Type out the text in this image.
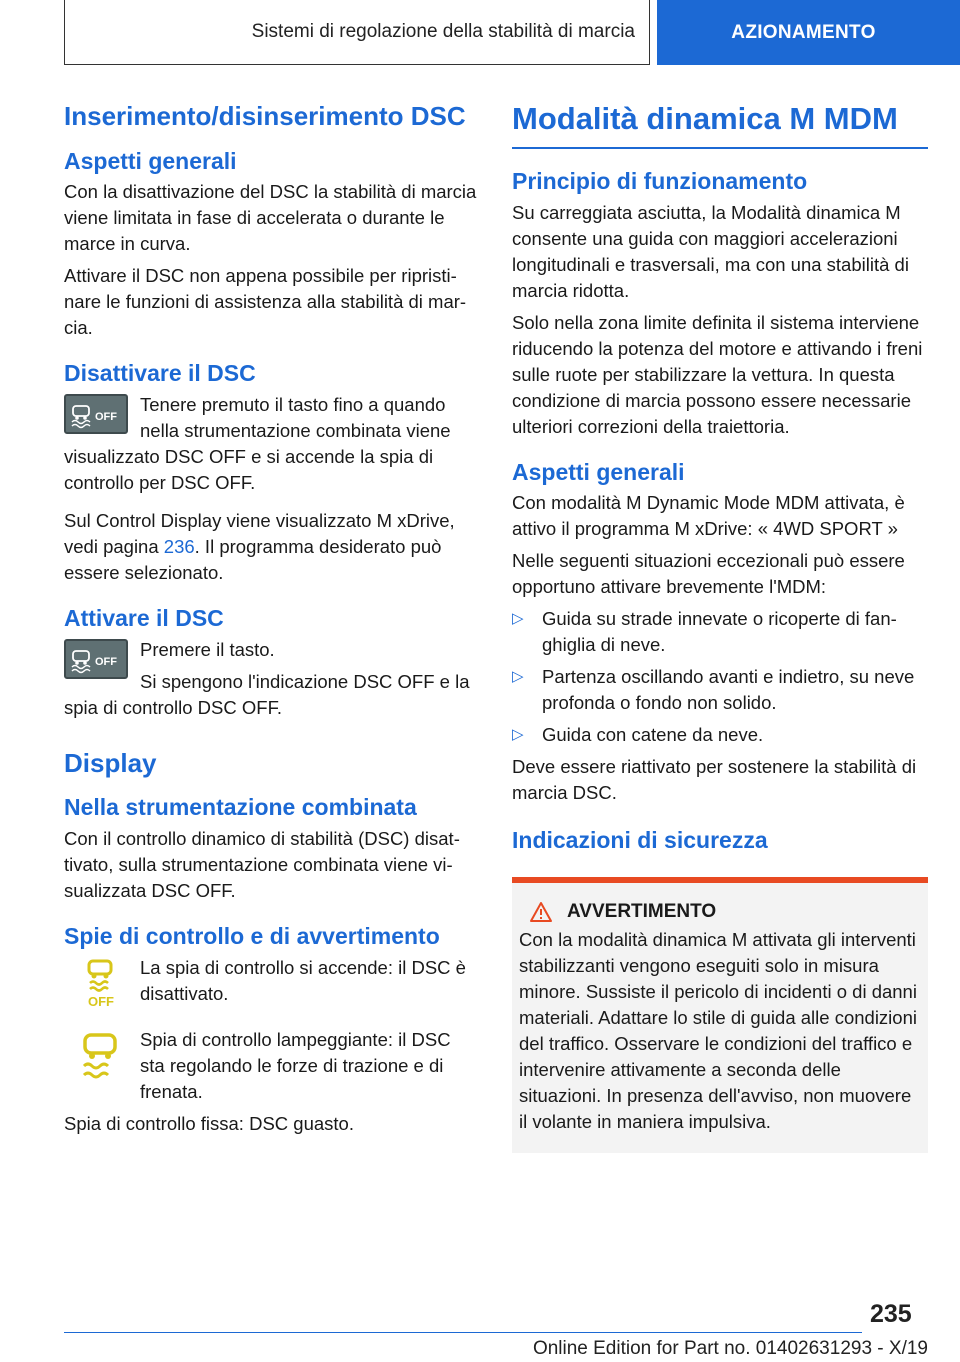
Sistemi di regolazione della stabilità di marcia	AZIONAMENTO
Inserimento/disinserimento DSC
Aspetti generali

Con la disattivazione del DSC la stabilità di marcia viene limitata in fase di accelerata o durante le marce in curva.

Attivare il DSC non appena possibile per ripristinare le funzioni di assistenza alla stabilità di marcia.

Disattivare il DSC
OFF

Tenere premuto il tasto fino a quando nella strumentazione combinata viene visualizzato DSC OFF e si accende la spia di controllo per DSC OFF.

Sul Control Display viene visualizzato M xDrive, vedi pagina 236. Il programma desiderato può essere selezionato.

Attivare il DSC
OFF

Premere il tasto.

Si spengono l'indicazione DSC OFF e la spia di controllo DSC OFF.

Display
Nella strumentazione combinata

Con il controllo dinamico di stabilità (DSC) disattivato, sulla strumentazione combinata viene visualizzata DSC OFF.

Spie di controllo e di avvertimento
OFF

La spia di controllo si accende: il DSC è disattivato.

Spia di controllo lampeggiante: il DSC sta regolando le forze di trazione e di frenata.

Spia di controllo fissa: DSC guasto.

Modalità dinamica M MDM
Principio di funzionamento

Su carreggiata asciutta, la Modalità dinamica M consente una guida con maggiori accelerazioni longitudinali e trasversali, ma con una stabilità di marcia ridotta.

Solo nella zona limite definita il sistema interviene riducendo la potenza del motore e attivando i freni sulle ruote per stabilizzare la vettura. In questa condizione di marcia possono essere necessarie ulteriori correzioni della traiettoria.

Aspetti generali

Con modalità M Dynamic Mode MDM attivata, è attivo il programma M xDrive: « 4WD SPORT »

Nelle seguenti situazioni eccezionali può essere opportuno attivare brevemente l'MDM:

▷ Guida su strade innevate o ricoperte di fanghiglia di neve.
▷ Partenza oscillando avanti e indietro, su neve profonda o fondo non solido.
▷ Guida con catene da neve.

Deve essere riattivato per sostenere la stabilità di marcia DSC.

Indicazioni di sicurezza
AVVERTIMENTO

Con la modalità dinamica M attivata gli interventi stabilizzanti vengono eseguiti solo in misura minore. Sussiste il pericolo di incidenti o di danni materiali. Adattare lo stile di guida alle condizioni del traffico. Osservare le condizioni del traffico e intervenire attivamente a seconda delle situazioni. In presenza dell'avviso, non muovere il volante in maniera impulsiva.

235
Online Edition for Part no. 01402631293 - X/19
